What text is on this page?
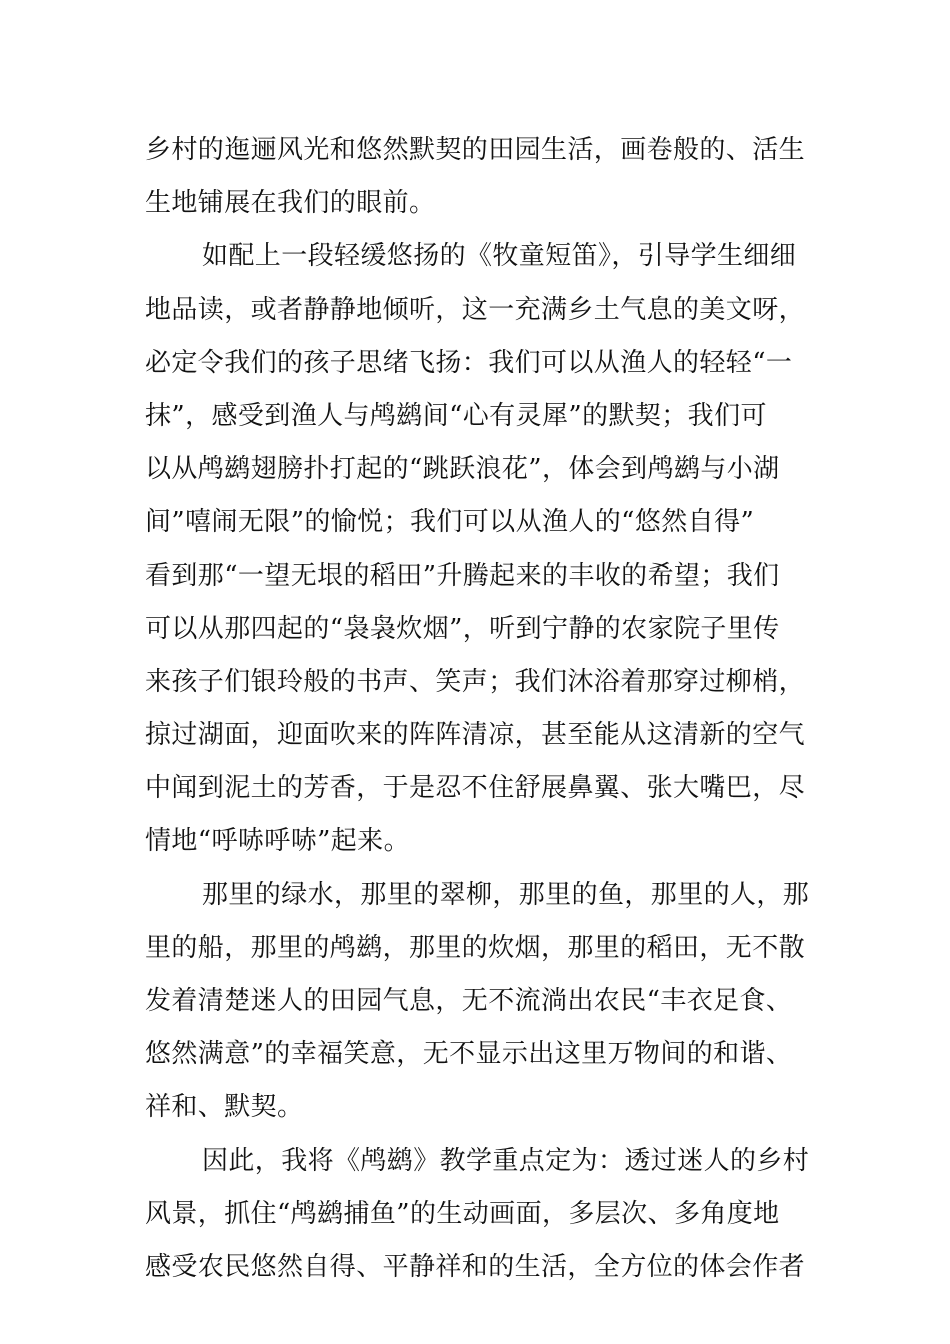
乡村的迤逦风光和悠然默契的田园生活，画卷般的、活生
生地铺展在我们的眼前。
如配上一段轻缓悠扬的《牧童短笛》，引导学生细细
地品读，或者静静地倾听，这一充满乡土气息的美文呀，
必定令我们的孩子思绪飞扬：我们可以从渔人的轻轻“一
抹”，感受到渔人与鸬鹚间“心有灵犀”的默契；我们可
以从鸬鹚翅膀扑打起的“跳跃浪花”，体会到鸬鹚与小湖
间”嘻闹无限”的愉悦；我们可以从渔人的“悠然自得”
看到那“一望无垠的稻田”升腾起来的丰收的希望；我们
可以从那四起的“袅袅炊烟”，听到宁静的农家院子里传
来孩子们银玲般的书声、笑声；我们沐浴着那穿过柳梢，
掠过湖面，迎面吹来的阵阵清凉，甚至能从这清新的空气
中闻到泥土的芳香，于是忍不住舒展鼻翼、张大嘴巴，尽
情地“呼哧呼哧”起来。
那里的绿水，那里的翠柳，那里的鱼，那里的人，那
里的船，那里的鸬鹚，那里的炊烟，那里的稻田，无不散
发着清楚迷人的田园气息，无不流淌出农民“丰衣足食、
悠然满意”的幸福笑意，无不显示出这里万物间的和谐、
祥和、默契。
因此，我将《鸬鹚》教学重点定为：透过迷人的乡村
风景，抓住“鸬鹚捕鱼”的生动画面，多层次、多角度地
感受农民悠然自得、平静祥和的生活，全方位的体会作者
